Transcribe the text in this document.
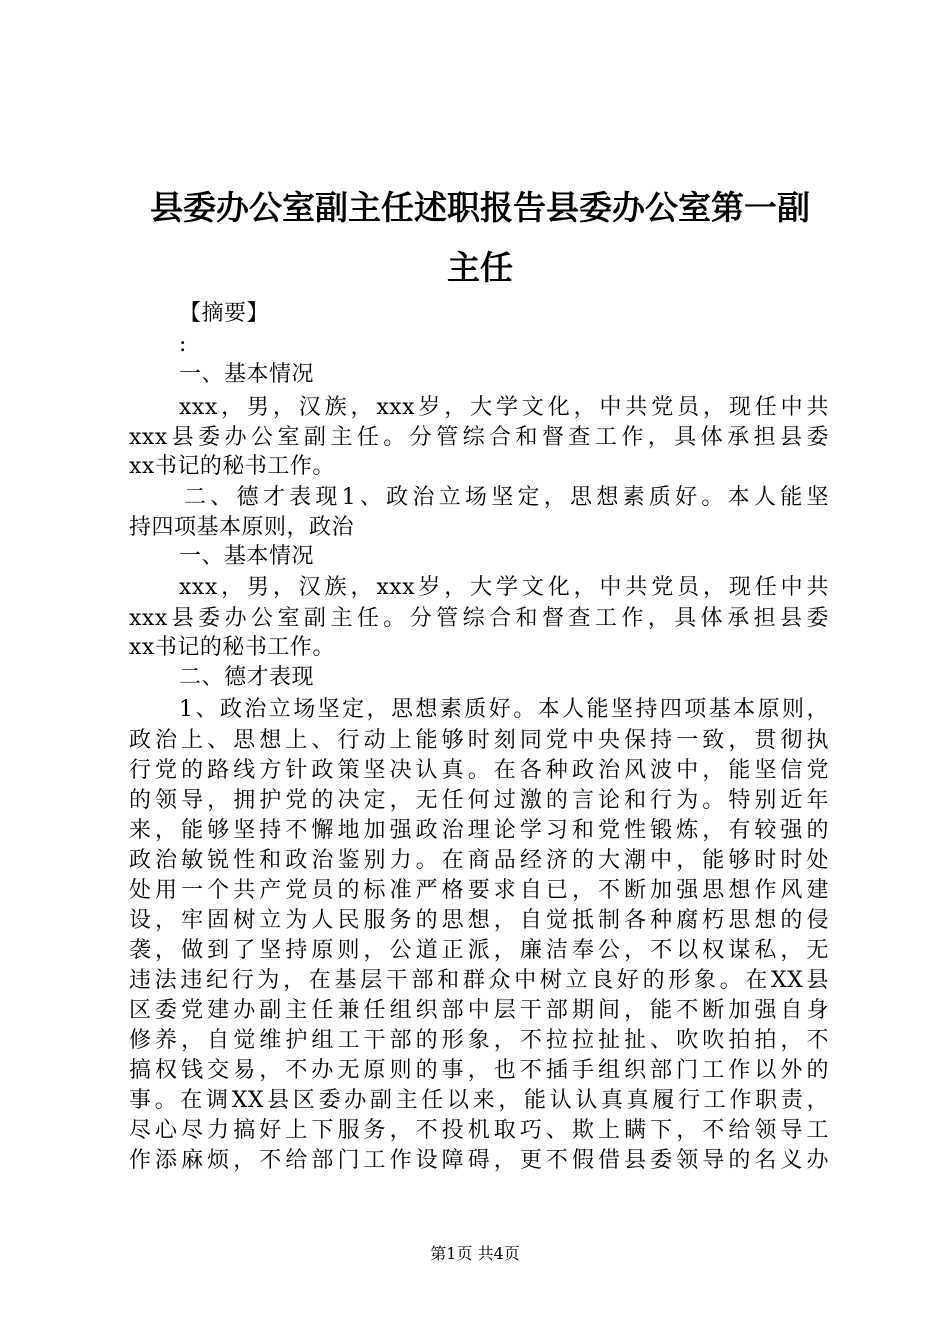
县委办公室副主任述职报告县委办公室第一副
主任
【摘要】
:
一、基本情况
xxx，男，汉族，xxx岁，大学文化，中共党员，现任中共
xxx县委办公室副主任。分管综合和督查工作，具体承担县委
xx书记的秘书工作。
二、德才表现1、政治立场坚定，思想素质好。本人能坚
持四项基本原则，政治
一、基本情况
xxx，男，汉族，xxx岁，大学文化，中共党员，现任中共
xxx县委办公室副主任。分管综合和督查工作，具体承担县委
xx书记的秘书工作。
二、德才表现
1、政治立场坚定，思想素质好。本人能坚持四项基本原则，
政治上、思想上、行动上能够时刻同党中央保持一致，贯彻执
行党的路线方针政策坚决认真。在各种政治风波中，能坚信党
的领导，拥护党的决定，无任何过激的言论和行为。特别近年
来，能够坚持不懈地加强政治理论学习和党性锻炼，有较强的
政治敏锐性和政治鉴别力。在商品经济的大潮中，能够时时处
处用一个共产党员的标准严格要求自已，不断加强思想作风建
设，牢固树立为人民服务的思想，自觉抵制各种腐朽思想的侵
袭，做到了坚持原则，公道正派，廉洁奉公，不以权谋私，无
违法违纪行为，在基层干部和群众中树立良好的形象。在XX县
区委党建办副主任兼任组织部中层干部期间，能不断加强自身
修养，自觉维护组工干部的形象，不拉拉扯扯、吹吹拍拍，不
搞权钱交易，不办无原则的事，也不插手组织部门工作以外的
事。在调XX县区委办副主任以来，能认认真真履行工作职责，
尽心尽力搞好上下服务，不投机取巧、欺上瞒下，不给领导工
作添麻烦，不给部门工作设障碍，更不假借县委领导的名义办
第1页 共4页
